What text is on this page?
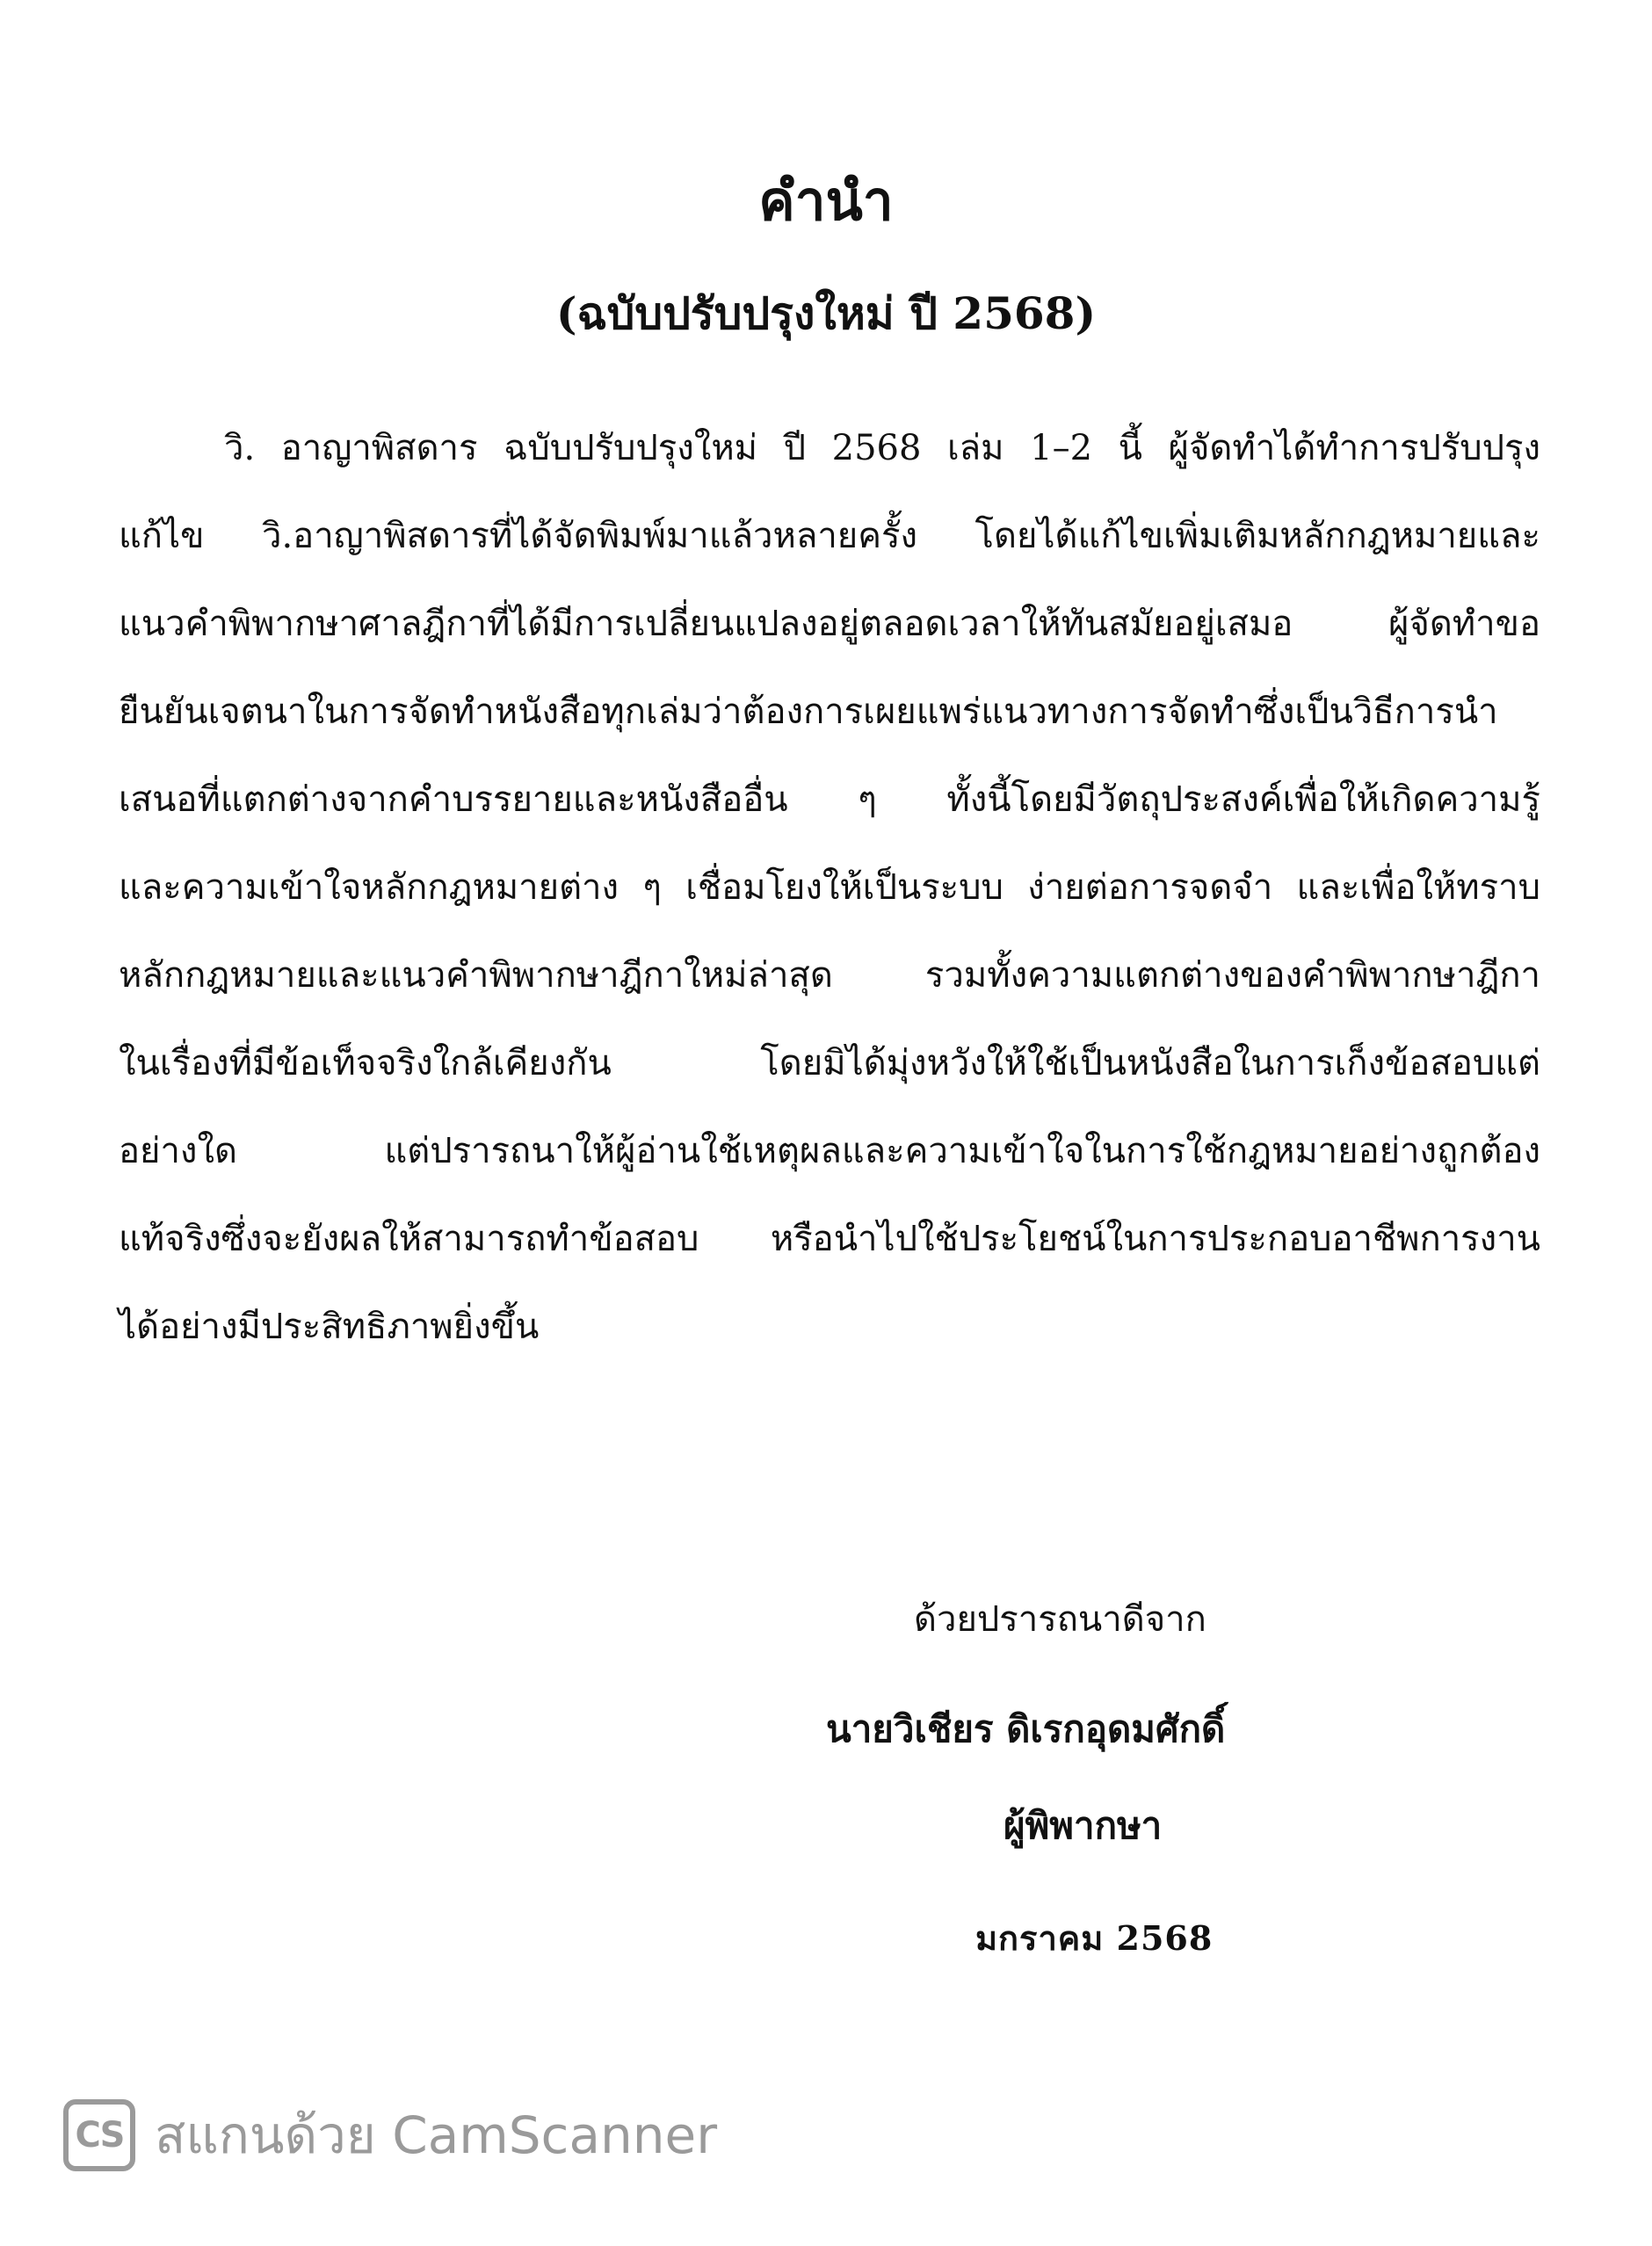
คำนำ
(ฉบับปรับปรุงใหม่ ปี 2568)
วิ. อาญาพิสดาร ฉบับปรับปรุงใหม่ ปี 2568 เล่ม 1–2 นี้ ผู้จัดทำได้ทำการปรับปรุง
แก้ไข วิ.อาญาพิสดารที่ได้จัดพิมพ์มาแล้วหลายครั้ง โดยได้แก้ไขเพิ่มเติมหลักกฎหมายและ
แนวคำพิพากษาศาลฎีกาที่ได้มีการเปลี่ยนแปลงอยู่ตลอดเวลาให้ทันสมัยอยู่เสมอ ผู้จัดทำขอ
ยืนยันเจตนาในการจัดทำหนังสือทุกเล่มว่าต้องการเผยแพร่แนวทางการจัดทำซึ่งเป็นวิธีการนำ
เสนอที่แตกต่างจากคำบรรยายและหนังสืออื่น ๆ ทั้งนี้โดยมีวัตถุประสงค์เพื่อให้เกิดความรู้
และความเข้าใจหลักกฎหมายต่าง ๆ เชื่อมโยงให้เป็นระบบ ง่ายต่อการจดจำ และเพื่อให้ทราบ
หลักกฎหมายและแนวคำพิพากษาฎีกาใหม่ล่าสุด รวมทั้งความแตกต่างของคำพิพากษาฎีกา
ในเรื่องที่มีข้อเท็จจริงใกล้เคียงกัน โดยมิได้มุ่งหวังให้ใช้เป็นหนังสือในการเก็งข้อสอบแต่
อย่างใด แต่ปรารถนาให้ผู้อ่านใช้เหตุผลและความเข้าใจในการใช้กฎหมายอย่างถูกต้อง
แท้จริงซึ่งจะยังผลให้สามารถทำข้อสอบ หรือนำไปใช้ประโยชน์ในการประกอบอาชีพการงาน
ได้อย่างมีประสิทธิภาพยิ่งขึ้น
ด้วยปรารถนาดีจาก
นายวิเชียร ดิเรกอุดมศักดิ์
ผู้พิพากษา
มกราคม 2568
CS สแกนด้วย CamScanner
